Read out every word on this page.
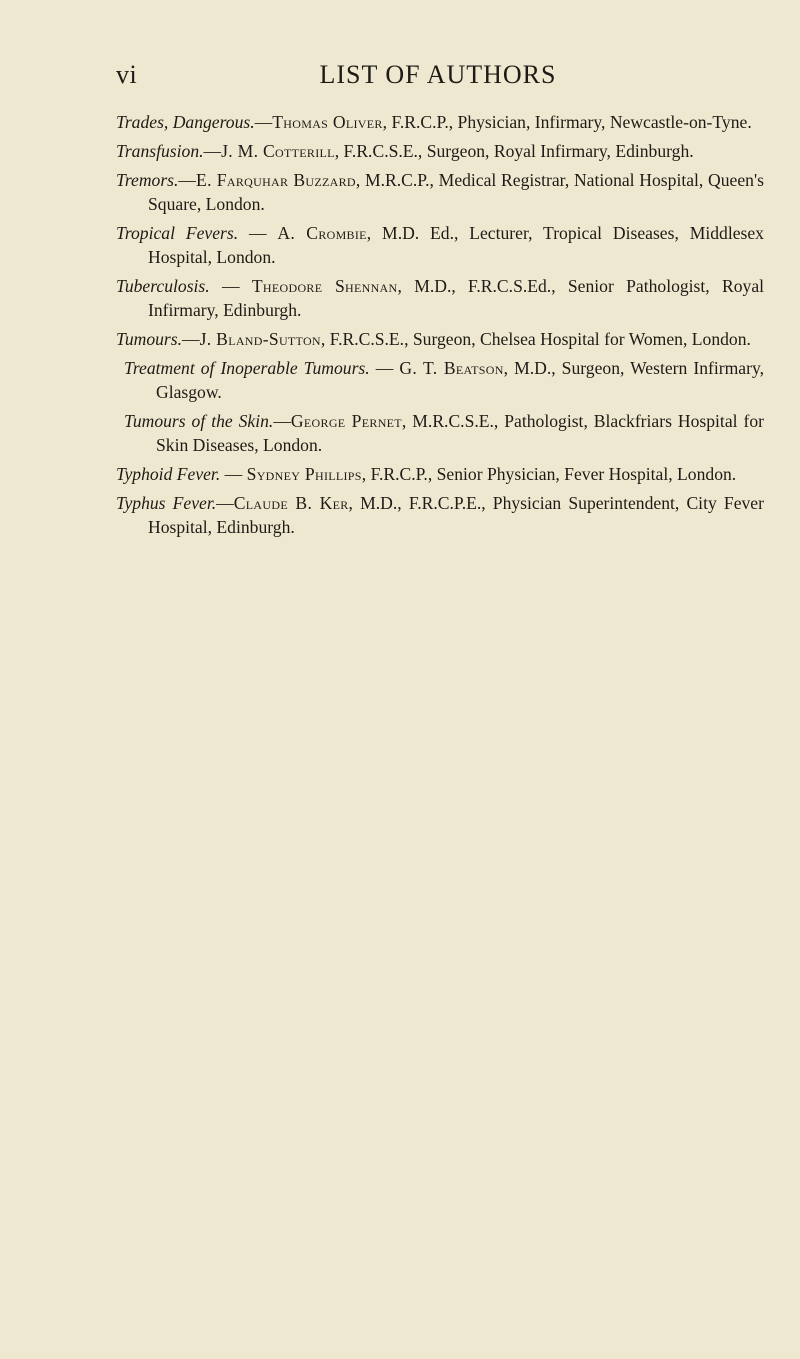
vi	LIST OF AUTHORS

Trades, Dangerous.—Thomas Oliver, F.R.C.P., Physician, Infirmary, Newcastle-on-Tyne.

Transfusion.—J. M. Cotterill, F.R.C.S.E., Surgeon, Royal Infirmary, Edinburgh.

Tremors.—E. Farquhar Buzzard, M.R.C.P., Medical Registrar, National Hospital, Queen's Square, London.

Tropical Fevers. — A. Crombie, M.D. Ed., Lecturer, Tropical Diseases, Middlesex Hospital, London.

Tuberculosis. — Theodore Shennan, M.D., F.R.C.S.Ed., Senior Pathologist, Royal Infirmary, Edinburgh.

Tumours.—J. Bland-Sutton, F.R.C.S.E., Surgeon, Chelsea Hospital for Women, London.

Treatment of Inoperable Tumours. — G. T. Beatson, M.D., Surgeon, Western Infirmary, Glasgow.

Tumours of the Skin.—George Pernet, M.R.C.S.E., Pathologist, Blackfriars Hospital for Skin Diseases, London.

Typhoid Fever. — Sydney Phillips, F.R.C.P., Senior Physician, Fever Hospital, London.

Typhus Fever.—Claude B. Ker, M.D., F.R.C.P.E., Physician Superintendent, City Fever Hospital, Edinburgh.
